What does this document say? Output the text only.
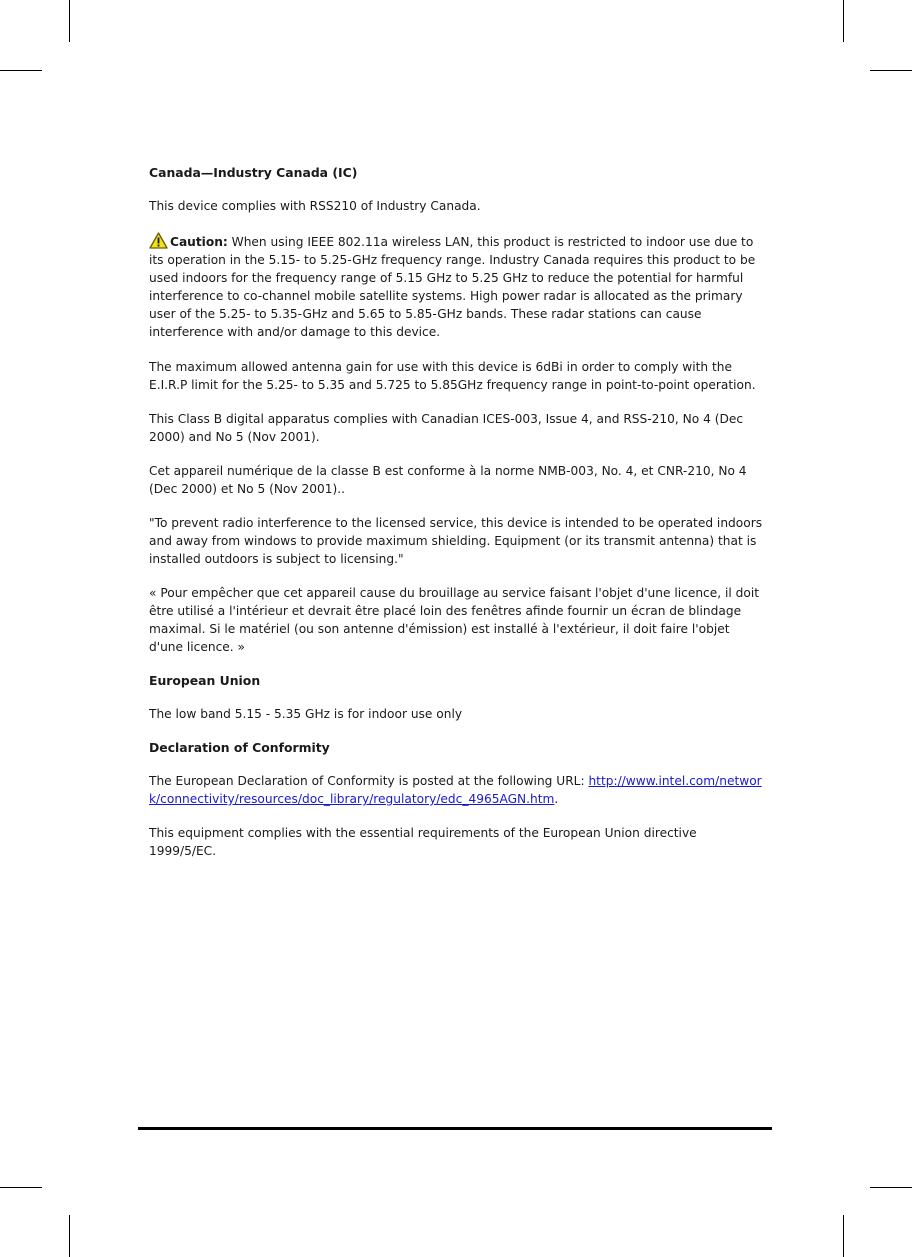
Canada—Industry Canada (IC)

This device complies with RSS210 of Industry Canada.

Caution: When using IEEE 802.11a wireless LAN, this product is restricted to indoor use due to its operation in the 5.15- to 5.25-GHz frequency range. Industry Canada requires this product to be used indoors for the frequency range of 5.15 GHz to 5.25 GHz to reduce the potential for harmful interference to co-channel mobile satellite systems. High power radar is allocated as the primary user of the 5.25- to 5.35-GHz and 5.65 to 5.85-GHz bands. These radar stations can cause interference with and/or damage to this device.

The maximum allowed antenna gain for use with this device is 6dBi in order to comply with the E.I.R.P limit for the 5.25- to 5.35 and 5.725 to 5.85GHz frequency range in point-to-point operation.

This Class B digital apparatus complies with Canadian ICES-003, Issue 4, and RSS-210, No 4 (Dec 2000) and No 5 (Nov 2001).

Cet appareil numérique de la classe B est conforme à la norme NMB-003, No. 4, et CNR-210, No 4 (Dec 2000) et No 5 (Nov 2001)..

"To prevent radio interference to the licensed service, this device is intended to be operated indoors and away from windows to provide maximum shielding. Equipment (or its transmit antenna) that is installed outdoors is subject to licensing."

« Pour empêcher que cet appareil cause du brouillage au service faisant l'objet d'une licence, il doit être utilisé a l'intérieur et devrait être placé loin des fenêtres afinde fournir un écran de blindage maximal. Si le matériel (ou son antenne d'émission) est installé à l'extérieur, il doit faire l'objet d'une licence. »

European Union

The low band 5.15 - 5.35 GHz is for indoor use only

Declaration of Conformity

The European Declaration of Conformity is posted at the following URL: http://www.intel.com/network/connectivity/resources/doc_library/regulatory/edc_4965AGN.htm.

This equipment complies with the essential requirements of the European Union directive 1999/5/EC.
